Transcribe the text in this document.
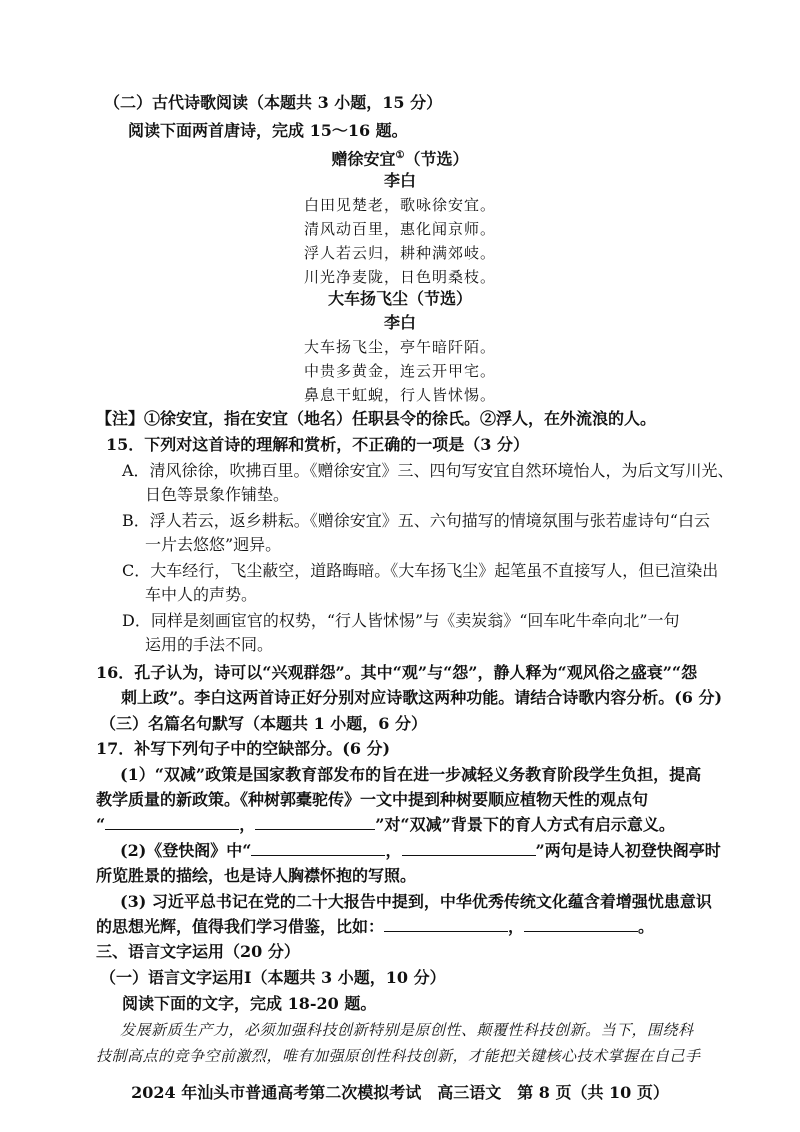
（二）古代诗歌阅读（本题共 3 小题，15 分）
阅读下面两首唐诗，完成 15～16 题。
赠徐安宜①（节选）
李白
白田见楚老，歌咏徐安宜。
清风动百里，惠化闻京师。
浮人若云归，耕种满郊岐。
川光净麦陇，日色明桑枝。
大车扬飞尘（节选）
李白
大车扬飞尘，亭午暗阡陌。
中贵多黄金，连云开甲宅。
鼻息干虹蜺，行人皆怵惕。
【注】①徐安宜，指在安宜（地名）任职县令的徐氏。②浮人，在外流浪的人。
15．下列对这首诗的理解和赏析，不正确的一项是（3 分）
A．清风徐徐，吹拂百里。《赠徐安宜》三、四句写安宜自然环境怡人，为后文写川光、
日色等景象作铺垫。
B．浮人若云，返乡耕耘。《赠徐安宜》五、六句描写的情境氛围与张若虚诗句“白云
一片去悠悠”迥异。
C．大车经行，飞尘蔽空，道路晦暗。《大车扬飞尘》起笔虽不直接写人，但已渲染出
车中人的声势。
D．同样是刻画宦官的权势，“行人皆怵惕”与《卖炭翁》“回车叱牛牵向北”一句
运用的手法不同。
16．孔子认为，诗可以“兴观群怨”。其中“观”与“怨”，静人释为“观风俗之盛衰”“怨
刺上政”。李白这两首诗正好分别对应诗歌这两种功能。请结合诗歌内容分析。(6 分)
（三）名篇名句默写（本题共 1 小题，6 分）
17．补写下列句子中的空缺部分。(6 分)
(1）“双减”政策是国家教育部发布的旨在进一步减轻义务教育阶段学生负担，提高
教学质量的新政策。《种树郭橐驼传》一文中提到种树要顺应植物天性的观点句
“	，	”对“双减”背景下的育人方式有启示意义。
(2)《登快阁》中“	，	”两句是诗人初登快阁亭时
所览胜景的描绘，也是诗人胸襟怀抱的写照。
(3) 习近平总书记在党的二十大报告中提到，中华优秀传统文化蕴含着增强忧患意识
的思想光辉，值得我们学习借鉴，比如：	，	。
三、语言文字运用（20 分）
（一）语言文字运用Ⅰ（本题共 3 小题，10 分）
阅读下面的文字，完成 18-20 题。
发展新质生产力，必须加强科技创新特别是原创性、颠覆性科技创新。当下，围绕科
技制高点的竞争空前激烈，唯有加强原创性科技创新，才能把关键核心技术掌握在自己手
2024 年汕头市普通高考第二次模拟考试　高三语文　第 8 页（共 10 页）
